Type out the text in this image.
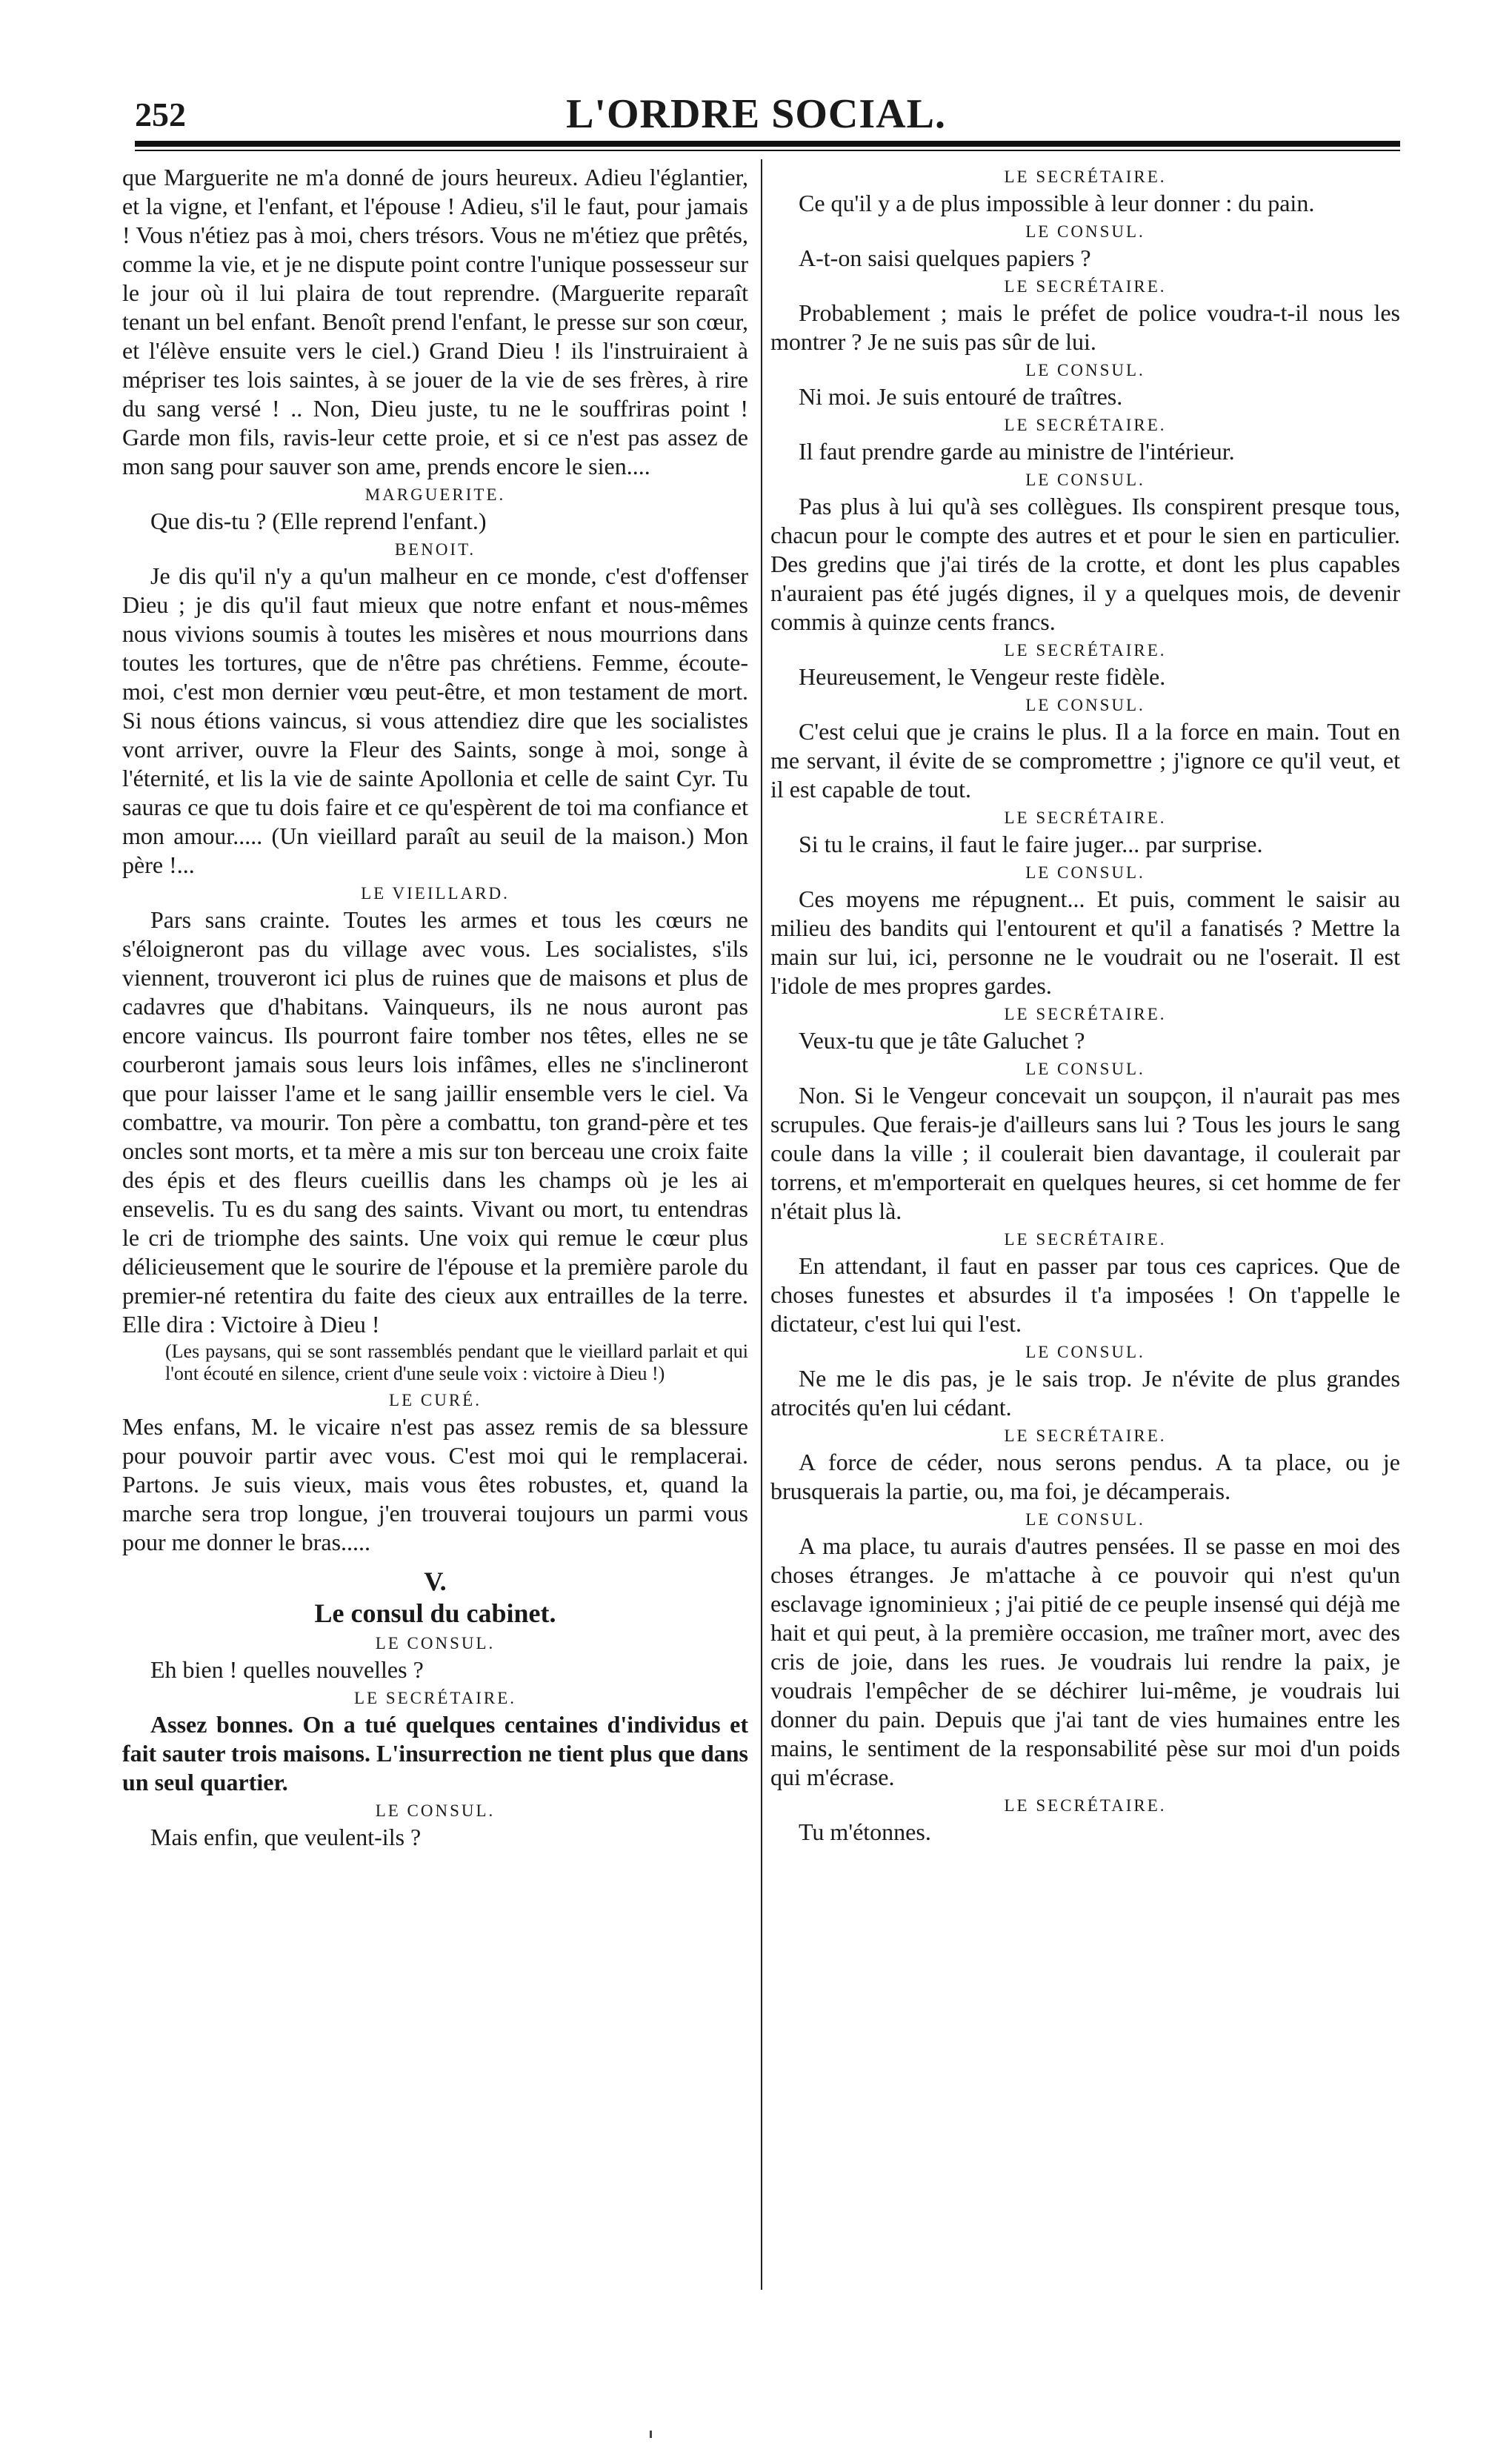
252	L'ORDRE SOCIAL.

que Marguerite ne m'a donné de jours heureux. Adieu l'églantier, et la vigne, et l'enfant, et l'épouse ! Adieu, s'il le faut, pour jamais ! Vous n'étiez pas à moi, chers trésors. Vous ne m'étiez que prêtés, comme la vie, et je ne dispute point contre l'unique possesseur sur le jour où il lui plaira de tout reprendre. (Marguerite reparaît tenant un bel enfant. Benoît prend l'enfant, le presse sur son cœur, et l'élève ensuite vers le ciel.) Grand Dieu ! ils l'instruiraient à mépriser tes lois saintes, à se jouer de la vie de ses frères, à rire du sang versé ! .. Non, Dieu juste, tu ne le souffriras point ! Garde mon fils, ravis-leur cette proie, et si ce n'est pas assez de mon sang pour sauver son ame, prends encore le sien....

MARGUERITE.

Que dis-tu ? (Elle reprend l'enfant.)

BENOIT.

Je dis qu'il n'y a qu'un malheur en ce monde, c'est d'offenser Dieu ; je dis qu'il faut mieux que notre enfant et nous-mêmes nous vivions soumis à toutes les misères et nous mourrions dans toutes les tortures, que de n'être pas chrétiens. Femme, écoute-moi, c'est mon dernier vœu peut-être, et mon testament de mort. Si nous étions vaincus, si vous attendiez dire que les socialistes vont arriver, ouvre la Fleur des Saints, songe à moi, songe à l'éternité, et lis la vie de sainte Apollonia et celle de saint Cyr. Tu sauras ce que tu dois faire et ce qu'espèrent de toi ma confiance et mon amour..... (Un vieillard paraît au seuil de la maison.) Mon père !...

LE VIEILLARD.

Pars sans crainte. Toutes les armes et tous les cœurs ne s'éloigneront pas du village avec vous. Les socialistes, s'ils viennent, trouveront ici plus de ruines que de maisons et plus de cadavres que d'habitans. Vainqueurs, ils ne nous auront pas encore vaincus. Ils pourront faire tomber nos têtes, elles ne se courberont jamais sous leurs lois infâmes, elles ne s'inclineront que pour laisser l'ame et le sang jaillir ensemble vers le ciel. Va combattre, va mourir. Ton père a combattu, ton grand-père et tes oncles sont morts, et ta mère a mis sur ton berceau une croix faite des épis et des fleurs cueillis dans les champs où je les ai ensevelis. Tu es du sang des saints. Vivant ou mort, tu entendras le cri de triomphe des saints. Une voix qui remue le cœur plus délicieusement que le sourire de l'épouse et la première parole du premier-né retentira du faite des cieux aux entrailles de la terre. Elle dira : Victoire à Dieu !

(Les paysans, qui se sont rassemblés pendant que le vieillard parlait et qui l'ont écouté en silence, crient d'une seule voix : victoire à Dieu !)

LE CURÉ.

Mes enfans, M. le vicaire n'est pas assez remis de sa blessure pour pouvoir partir avec vous. C'est moi qui le remplacerai. Partons. Je suis vieux, mais vous êtes robustes, et, quand la marche sera trop longue, j'en trouverai toujours un parmi vous pour me donner le bras.....

V.

Le consul du cabinet.

LE CONSUL.

Eh bien ! quelles nouvelles ?

LE SECRÉTAIRE.

Assez bonnes. On a tué quelques centaines d'individus et fait sauter trois maisons. L'insurrection ne tient plus que dans un seul quartier.

LE CONSUL.

Mais enfin, que veulent-ils ?

LE SECRÉTAIRE.

Ce qu'il y a de plus impossible à leur donner : du pain.

LE CONSUL.

A-t-on saisi quelques papiers ?

LE SECRÉTAIRE.

Probablement ; mais le préfet de police voudra-t-il nous les montrer ? Je ne suis pas sûr de lui.

LE CONSUL.

Ni moi. Je suis entouré de traîtres.

LE SECRÉTAIRE.

Il faut prendre garde au ministre de l'intérieur.

LE CONSUL.

Pas plus à lui qu'à ses collègues. Ils conspirent presque tous, chacun pour le compte des autres et et pour le sien en particulier. Des gredins que j'ai tirés de la crotte, et dont les plus capables n'auraient pas été jugés dignes, il y a quelques mois, de devenir commis à quinze cents francs.

LE SECRÉTAIRE.

Heureusement, le Vengeur reste fidèle.

LE CONSUL.

C'est celui que je crains le plus. Il a la force en main. Tout en me servant, il évite de se compromettre ; j'ignore ce qu'il veut, et il est capable de tout.

LE SECRÉTAIRE.

Si tu le crains, il faut le faire juger... par surprise.

LE CONSUL.

Ces moyens me répugnent... Et puis, comment le saisir au milieu des bandits qui l'entourent et qu'il a fanatisés ? Mettre la main sur lui, ici, personne ne le voudrait ou ne l'oserait. Il est l'idole de mes propres gardes.

LE SECRÉTAIRE.

Veux-tu que je tâte Galuchet ?

LE CONSUL.

Non. Si le Vengeur concevait un soupçon, il n'aurait pas mes scrupules. Que ferais-je d'ailleurs sans lui ? Tous les jours le sang coule dans la ville ; il coulerait bien davantage, il coulerait par torrens, et m'emporterait en quelques heures, si cet homme de fer n'était plus là.

LE SECRÉTAIRE.

En attendant, il faut en passer par tous ces caprices. Que de choses funestes et absurdes il t'a imposées ! On t'appelle le dictateur, c'est lui qui l'est.

LE CONSUL.

Ne me le dis pas, je le sais trop. Je n'évite de plus grandes atrocités qu'en lui cédant.

LE SECRÉTAIRE.

A force de céder, nous serons pendus. A ta place, ou je brusquerais la partie, ou, ma foi, je décamperais.

LE CONSUL.

A ma place, tu aurais d'autres pensées. Il se passe en moi des choses étranges. Je m'attache à ce pouvoir qui n'est qu'un esclavage ignominieux ; j'ai pitié de ce peuple insensé qui déjà me hait et qui peut, à la première occasion, me traîner mort, avec des cris de joie, dans les rues. Je voudrais lui rendre la paix, je voudrais l'empêcher de se déchirer lui-même, je voudrais lui donner du pain. Depuis que j'ai tant de vies humaines entre les mains, le sentiment de la responsabilité pèse sur moi d'un poids qui m'écrase.

LE SECRÉTAIRE.

Tu m'étonnes.
